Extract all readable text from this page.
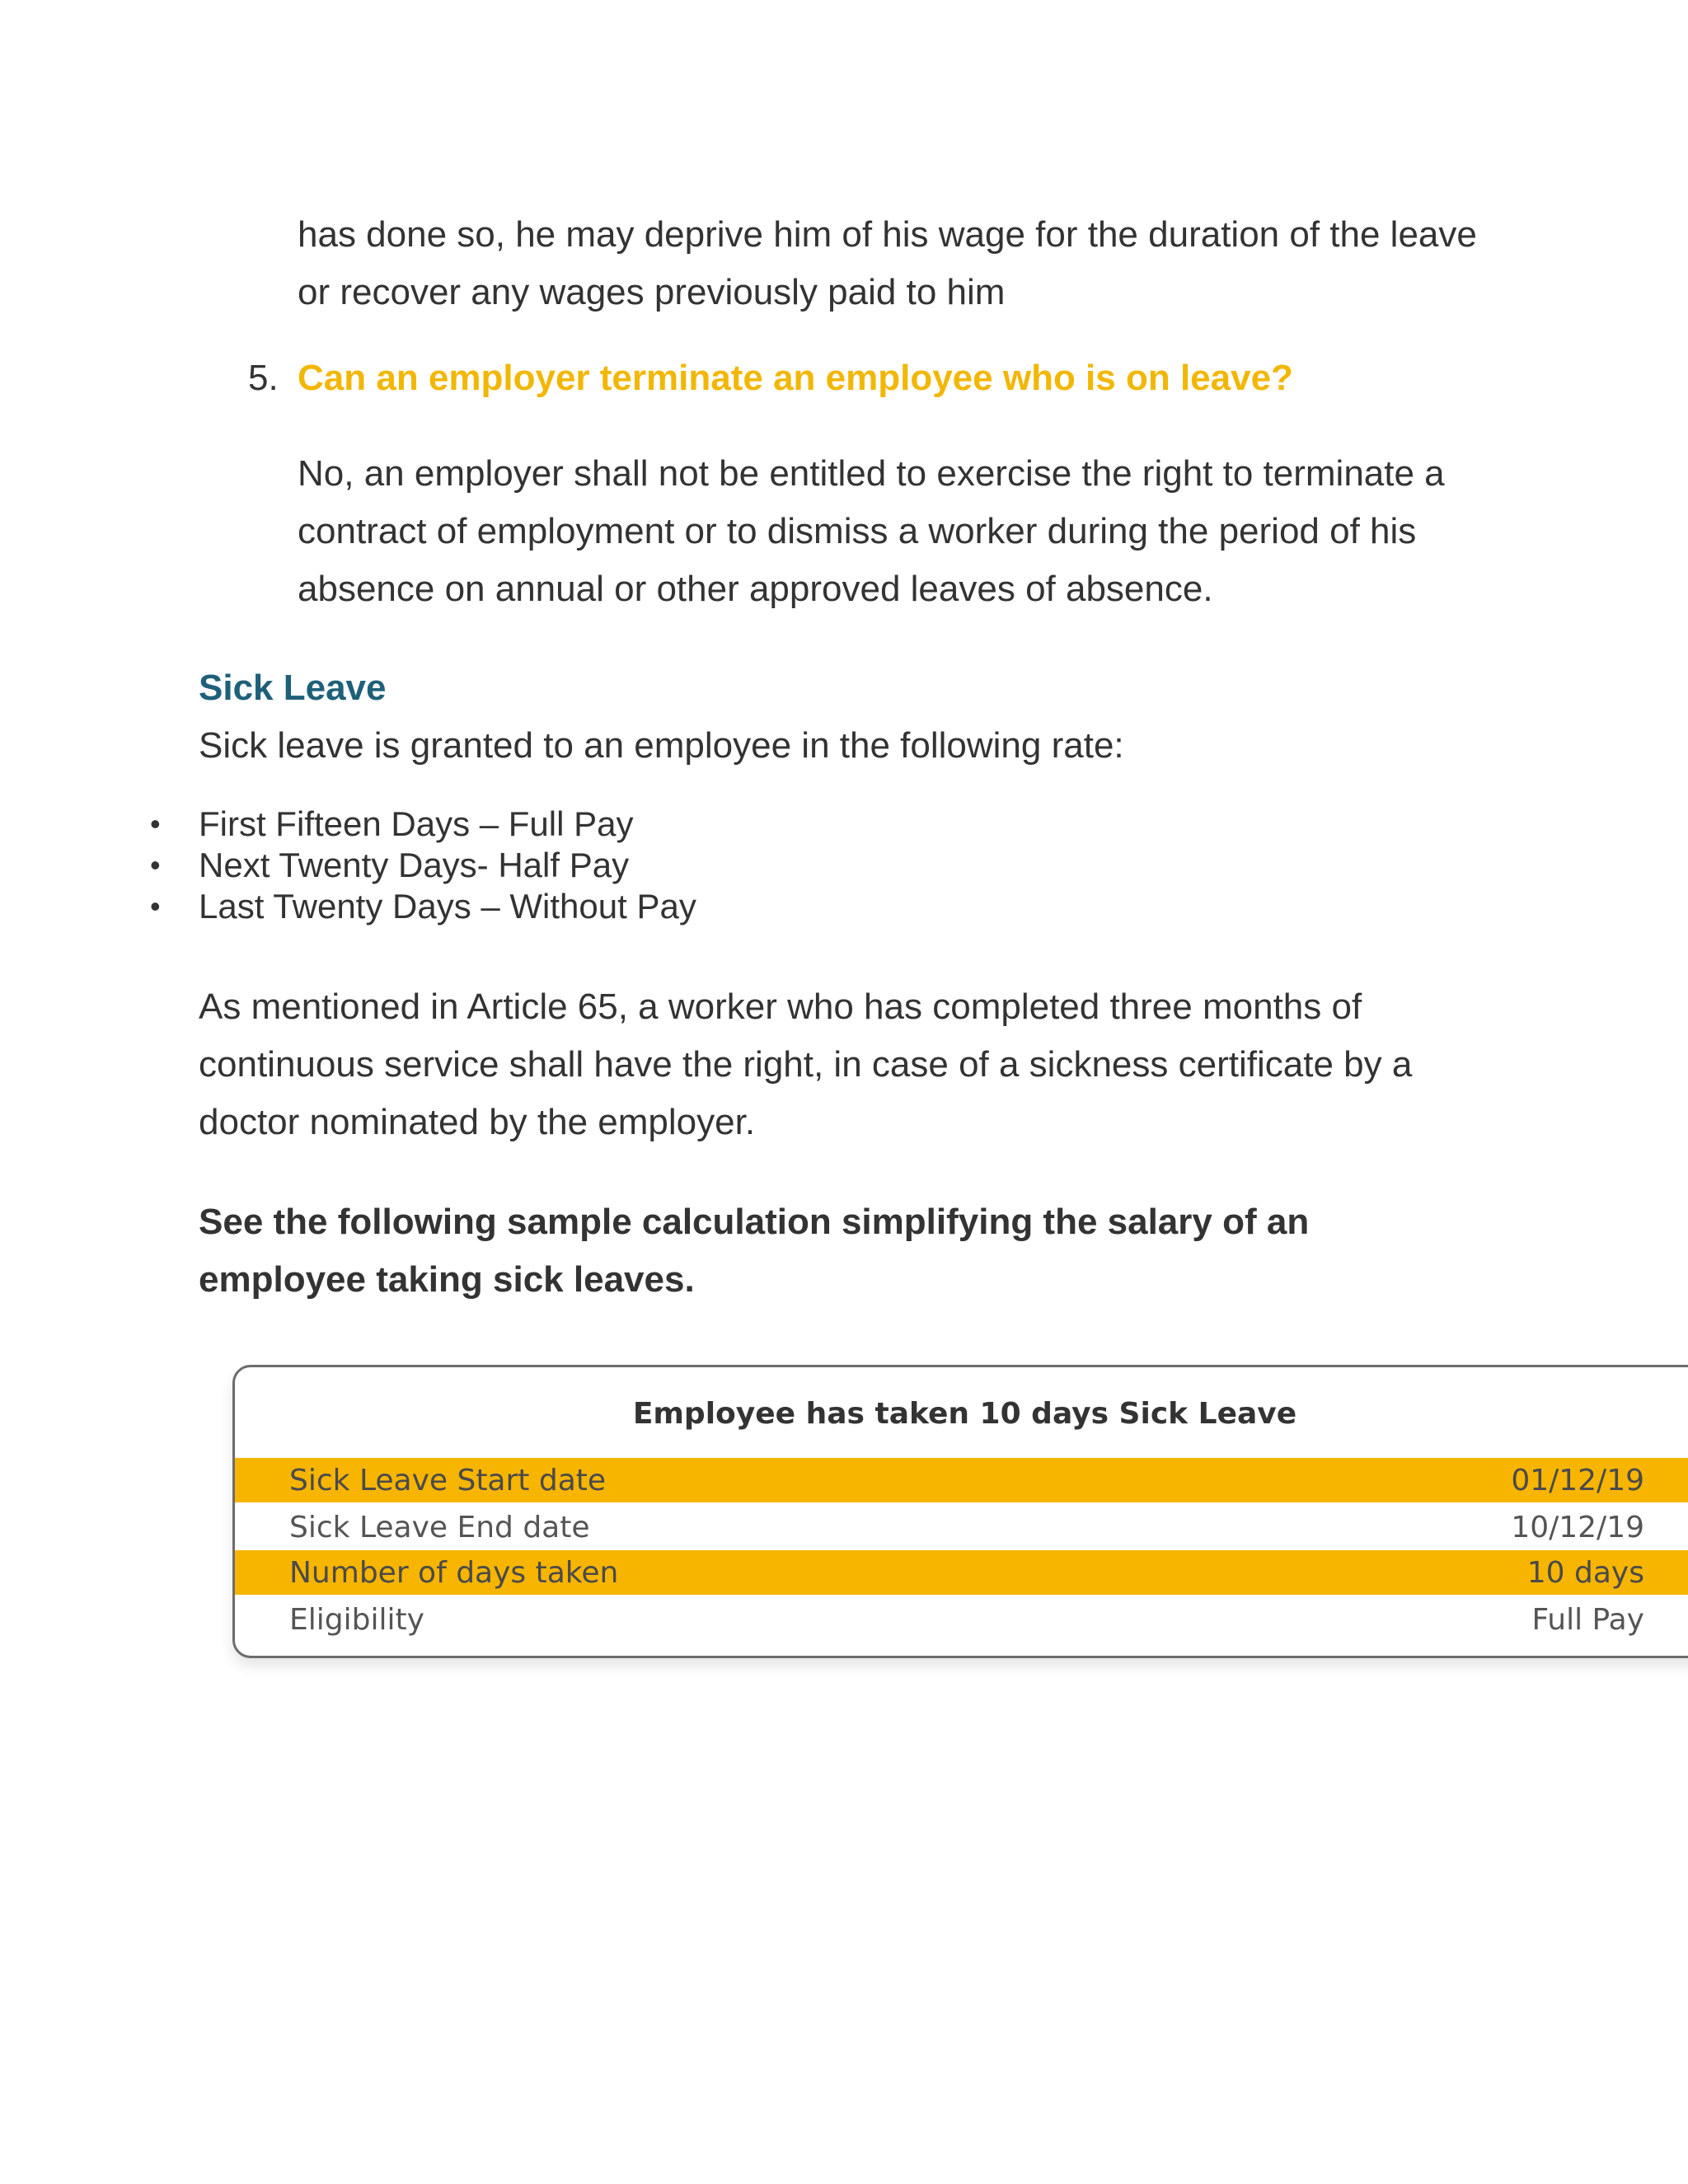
has done so, he may deprive him of his wage for the duration of the leave or recover any wages previously paid to him

5. Can an employer terminate an employee who is on leave?

No, an employer shall not be entitled to exercise the right to terminate a contract of employment or to dismiss a worker during the period of his absence on annual or other approved leaves of absence.

Sick Leave

Sick leave is granted to an employee in the following rate:

• First Fifteen Days – Full Pay
• Next Twenty Days- Half Pay
• Last Twenty Days – Without Pay

As mentioned in Article 65, a worker who has completed three months of continuous service shall have the right, in case of a sickness certificate by a doctor nominated by the employer.

See the following sample calculation simplifying the salary of an employee taking sick leaves.

Employee has taken 10 days Sick Leave
Sick Leave Start date	01/12/19
Sick Leave End date	10/12/19
Number of days taken	10 days
Eligibility	Full Pay
